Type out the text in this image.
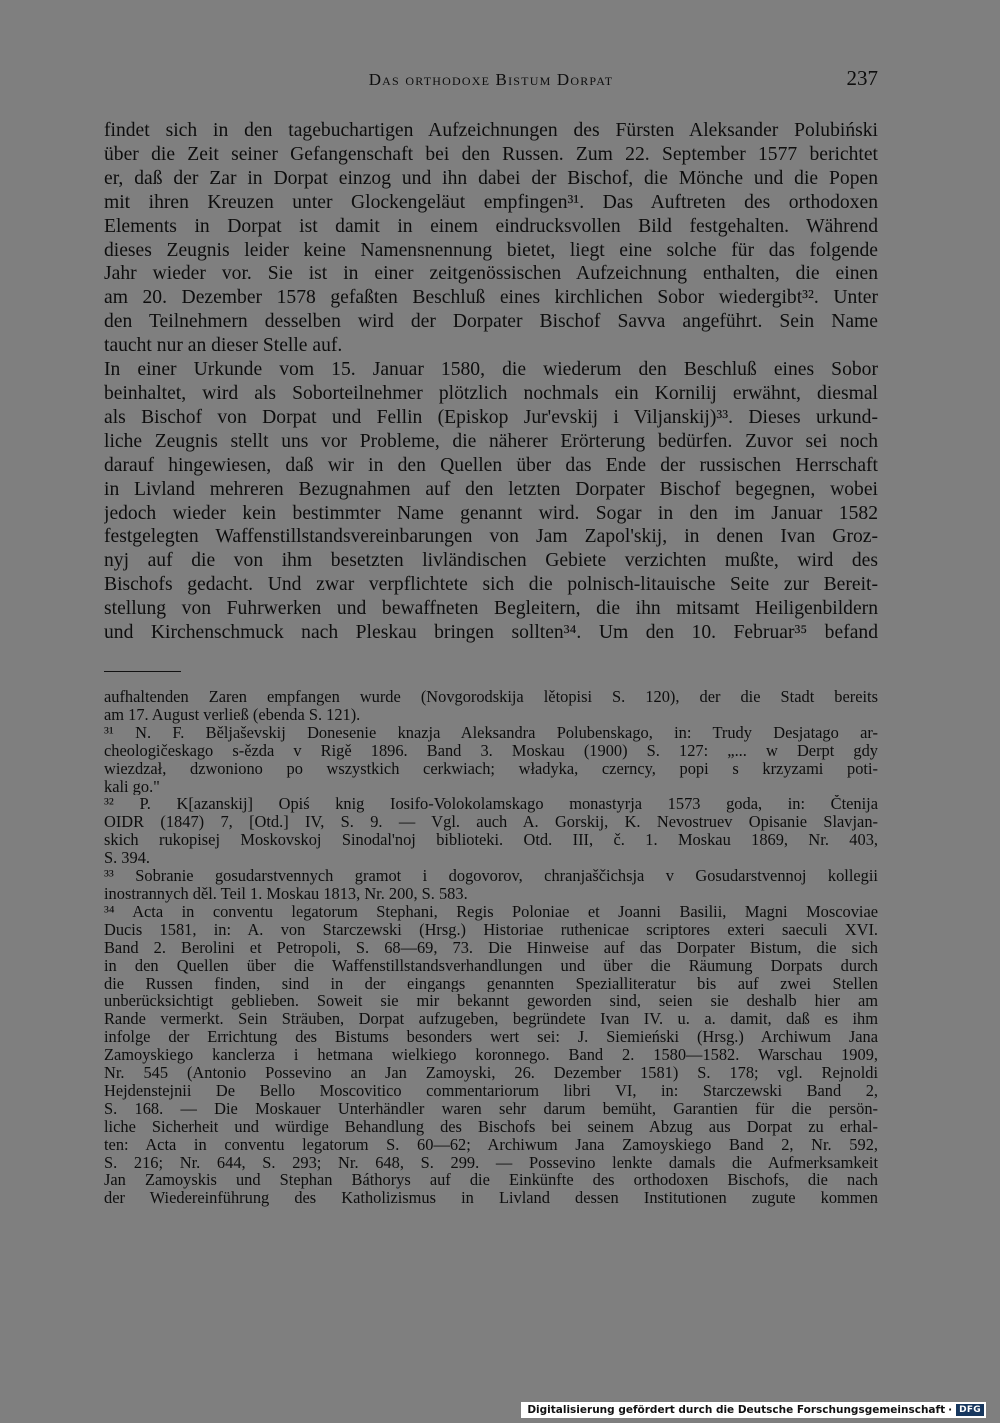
Das orthodoxe Bistum Dorpat	237
findet sich in den tagebuchartigen Aufzeichnungen des Fürsten Aleksander Polubiński
über die Zeit seiner Gefangenschaft bei den Russen. Zum 22. September 1577 berichtet
er, daß der Zar in Dorpat einzog und ihn dabei der Bischof, die Mönche und die Popen
mit ihren Kreuzen unter Glockengeläut empfingen³¹. Das Auftreten des orthodoxen
Elements in Dorpat ist damit in einem eindrucksvollen Bild festgehalten. Während
dieses Zeugnis leider keine Namensnennung bietet, liegt eine solche für das folgende
Jahr wieder vor. Sie ist in einer zeitgenössischen Aufzeichnung enthalten, die einen
am 20. Dezember 1578 gefaßten Beschluß eines kirchlichen Sobor wiedergibt³². Unter
den Teilnehmern desselben wird der Dorpater Bischof Savva angeführt. Sein Name
taucht nur an dieser Stelle auf.
In einer Urkunde vom 15. Januar 1580, die wiederum den Beschluß eines Sobor
beinhaltet, wird als Soborteilnehmer plötzlich nochmals ein Kornilij erwähnt, diesmal
als Bischof von Dorpat und Fellin (Episkop Jur'evskij i Viljanskij)³³. Dieses urkund-
liche Zeugnis stellt uns vor Probleme, die näherer Erörterung bedürfen. Zuvor sei noch
darauf hingewiesen, daß wir in den Quellen über das Ende der russischen Herrschaft
in Livland mehreren Bezugnahmen auf den letzten Dorpater Bischof begegnen, wobei
jedoch wieder kein bestimmter Name genannt wird. Sogar in den im Januar 1582
festgelegten Waffenstillstandsvereinbarungen von Jam Zapol'skij, in denen Ivan Groz-
nyj auf die von ihm besetzten livländischen Gebiete verzichten mußte, wird des
Bischofs gedacht. Und zwar verpflichtete sich die polnisch-litauische Seite zur Bereit-
stellung von Fuhrwerken und bewaffneten Begleitern, die ihn mitsamt Heiligenbildern
und Kirchenschmuck nach Pleskau bringen sollten³⁴. Um den 10. Februar³⁵ befand
aufhaltenden Zaren empfangen wurde (Novgorodskija lětopisi S. 120), der die Stadt bereits
am 17. August verließ (ebenda S. 121).
³¹ N. F. Běljaševskij Donesenie knazja Aleksandra Polubenskago, in: Trudy Desjatago ar-
cheologičeskago s-ězda v Rigě 1896. Band 3. Moskau (1900) S. 127: „... w Derpt gdy
wiezdzał, dzwoniono po wszystkich cerkwiach; władyka, czerncy, popi s krzyzami poti-
kali go."
³² P. K[azanskij] Opiś knig Iosifo-Volokolamskago monastyrja 1573 goda, in: Čtenija
OIDR (1847) 7, [Otd.] IV, S. 9. — Vgl. auch A. Gorskij, K. Nevostruev Opisanie Slavjan-
skich rukopisej Moskovskoj Sinodal'noj biblioteki. Otd. III, č. 1. Moskau 1869, Nr. 403,
S. 394.
³³ Sobranie gosudarstvennych gramot i dogovorov, chranjaščichsja v Gosudarstvennoj kollegii
inostrannych děl. Teil 1. Moskau 1813, Nr. 200, S. 583.
³⁴ Acta in conventu legatorum Stephani, Regis Poloniae et Joanni Basilii, Magni Moscoviae
Ducis 1581, in: A. von Starczewski (Hrsg.) Historiae ruthenicae scriptores exteri saeculi XVI.
Band 2. Berolini et Petropoli, S. 68—69, 73. Die Hinweise auf das Dorpater Bistum, die sich
in den Quellen über die Waffenstillstandsverhandlungen und über die Räumung Dorpats durch
die Russen finden, sind in der eingangs genannten Spezialliteratur bis auf zwei Stellen
unberücksichtigt geblieben. Soweit sie mir bekannt geworden sind, seien sie deshalb hier am
Rande vermerkt. Sein Sträuben, Dorpat aufzugeben, begründete Ivan IV. u. a. damit, daß es ihm
infolge der Errichtung des Bistums besonders wert sei: J. Siemieński (Hrsg.) Archiwum Jana
Zamoyskiego kanclerza i hetmana wielkiego koronnego. Band 2. 1580—1582. Warschau 1909,
Nr. 545 (Antonio Possevino an Jan Zamoyski, 26. Dezember 1581) S. 178; vgl. Rejnoldi
Hejdenstejnii De Bello Moscovitico commentariorum libri VI, in: Starczewski Band 2,
S. 168. — Die Moskauer Unterhändler waren sehr darum bemüht, Garantien für die persön-
liche Sicherheit und würdige Behandlung des Bischofs bei seinem Abzug aus Dorpat zu erhal-
ten: Acta in conventu legatorum S. 60—62; Archiwum Jana Zamoyskiego Band 2, Nr. 592,
S. 216; Nr. 644, S. 293; Nr. 648, S. 299. — Possevino lenkte damals die Aufmerksamkeit
Jan Zamoyskis und Stephan Báthorys auf die Einkünfte des orthodoxen Bischofs, die nach
der Wiedereinführung des Katholizismus in Livland dessen Institutionen zugute kommen
Digitalisierung gefördert durch die Deutsche Forschungsgemeinschaft · DFG
